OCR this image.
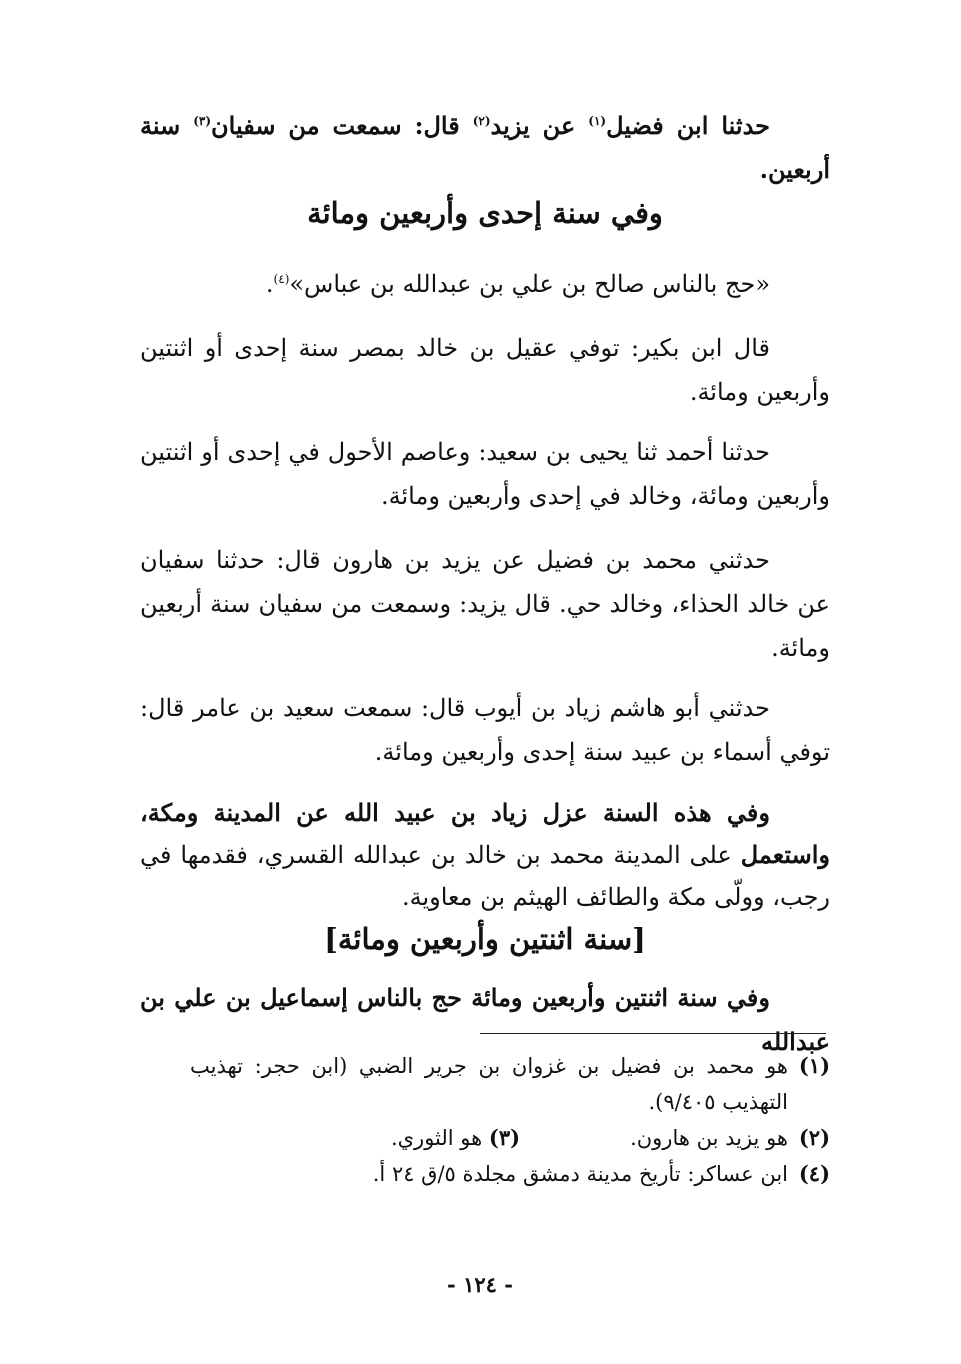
حدثنا ابن فضيل$^{(١)}$ عن يزيد$^{(٢)}$ قال: سمعت من سفيان$^{(٣)}$ سنة أربعين.
وفي سنة إحدى وأربعين ومائة
«حج بالناس صالح بن علي بن عبدالله بن عباس»$^{(٤)}$.
قال ابن بكير: توفي عقيل بن خالد بمصر سنة إحدى أو اثنتين وأربعين ومائة.
حدثنا أحمد ثنا يحيى بن سعيد: وعاصم الأحول في إحدى أو اثنتين وأربعين ومائة، وخالد في إحدى وأربعين ومائة.
حدثني محمد بن فضيل عن يزيد بن هارون قال: حدثنا سفيان عن خالد الحذاء، وخالد حي. قال يزيد: وسمعت من سفيان سنة أربعين ومائة.
حدثني أبو هاشم زياد بن أيوب قال: سمعت سعيد بن عامر قال: توفي أسماء بن عبيد سنة إحدى وأربعين ومائة.
وفي هذه السنة عزل زياد بن عبيد الله عن المدينة ومكة، واستعمل على المدينة محمد بن خالد بن عبدالله القسري، فقدمها في رجب، وولّى مكة والطائف الهيثم بن معاوية.
[سنة اثنتين وأربعين ومائة]
وفي سنة اثنتين وأربعين ومائة حج بالناس إسماعيل بن علي بن عبدالله
(١)
هو محمد بن فضيل بن غزوان بن جرير الضبي (ابن حجر: تهذيب التهذيب ٩/٤٠٥).
(٢)
هو يزيد بن هارون.(٣) هو الثوري.
(٤)
ابن عساكر: تأريخ مدينة دمشق مجلدة ٥/ق ٢٤ أ.
- ١٢٤ -
